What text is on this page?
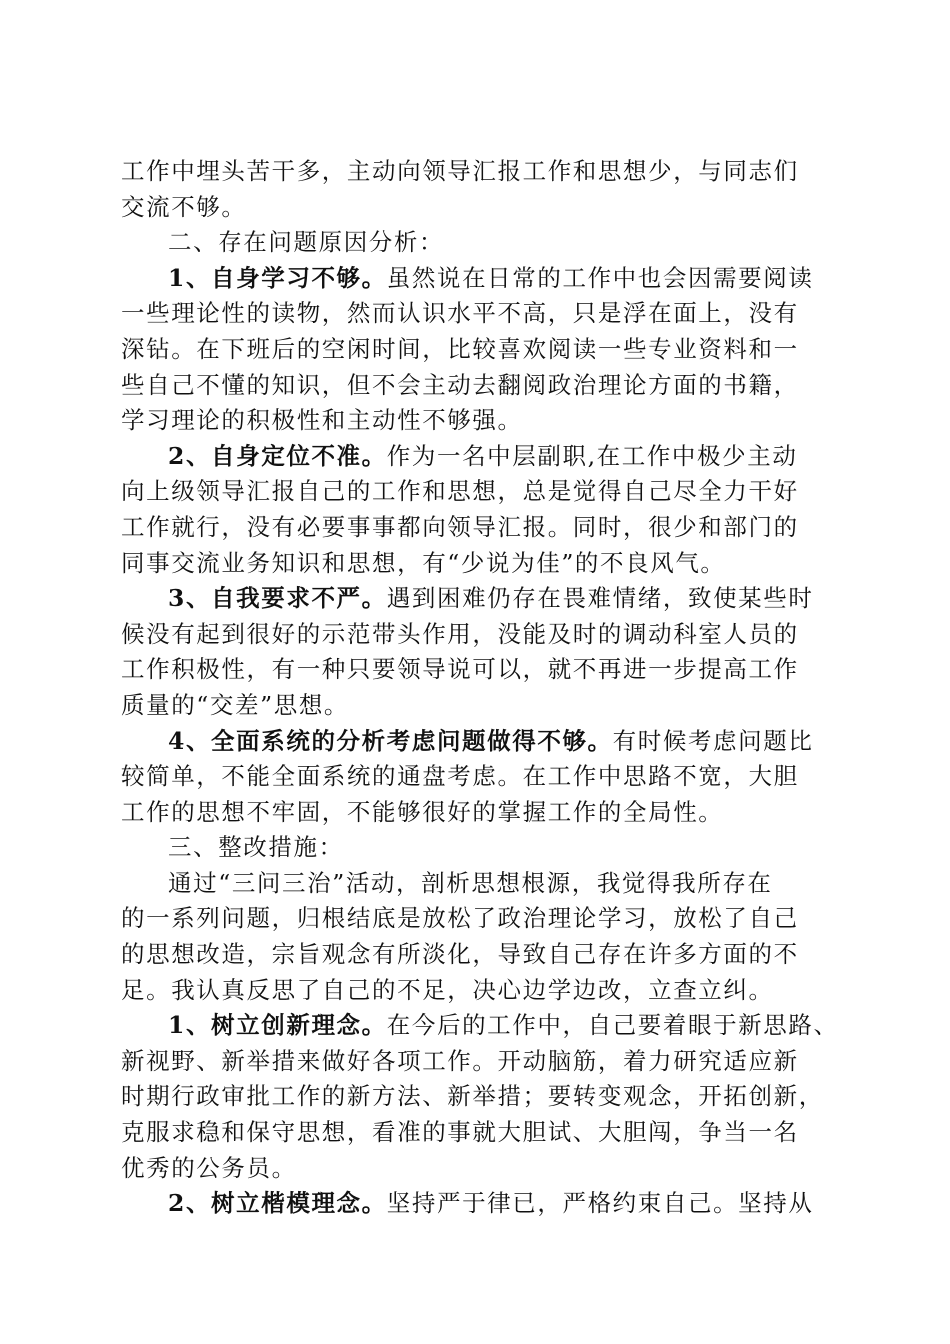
工作中埋头苦干多，主动向领导汇报工作和思想少，与同志们
交流不够。
二、存在问题原因分析：
1、自身学习不够。虽然说在日常的工作中也会因需要阅读
一些理论性的读物，然而认识水平不高，只是浮在面上，没有
深钻。在下班后的空闲时间，比较喜欢阅读一些专业资料和一
些自己不懂的知识，但不会主动去翻阅政治理论方面的书籍，
学习理论的积极性和主动性不够强。
2、自身定位不准。作为一名中层副职,在工作中极少主动
向上级领导汇报自己的工作和思想，总是觉得自己尽全力干好
工作就行，没有必要事事都向领导汇报。同时，很少和部门的
同事交流业务知识和思想，有“少说为佳”的不良风气。
3、自我要求不严。遇到困难仍存在畏难情绪，致使某些时
候没有起到很好的示范带头作用，没能及时的调动科室人员的
工作积极性，有一种只要领导说可以，就不再进一步提高工作
质量的“交差”思想。
4、全面系统的分析考虑问题做得不够。有时候考虑问题比
较简单，不能全面系统的通盘考虑。在工作中思路不宽，大胆
工作的思想不牢固，不能够很好的掌握工作的全局性。
三、整改措施：
通过“三问三治”活动，剖析思想根源，我觉得我所存在
的一系列问题，归根结底是放松了政治理论学习，放松了自己
的思想改造，宗旨观念有所淡化，导致自己存在许多方面的不
足。我认真反思了自己的不足，决心边学边改，立查立纠。
1、树立创新理念。在今后的工作中，自己要着眼于新思路、
新视野、新举措来做好各项工作。开动脑筋，着力研究适应新
时期行政审批工作的新方法、新举措；要转变观念，开拓创新，
克服求稳和保守思想，看准的事就大胆试、大胆闯，争当一名
优秀的公务员。
2、树立楷模理念。坚持严于律已，严格约束自己。坚持从
